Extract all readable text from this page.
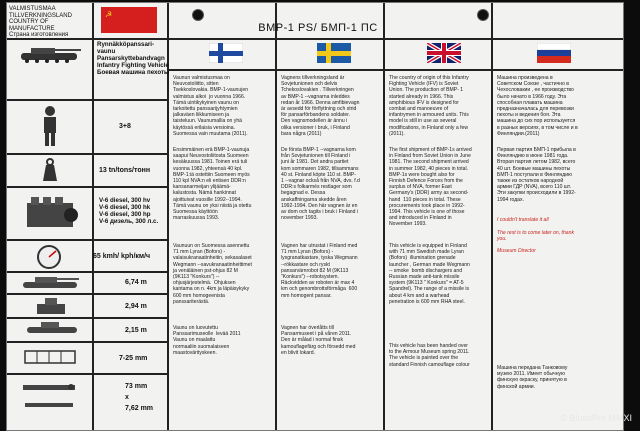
VALMISTUSMAA
TILLVERKNINGSLAND
COUNTRY OF
MANUFACTURE
Страна изготовления
☭
Rynnäkköpanssari-
vaunu
Pansarskyttebandvagn
Infantry Fighting Vehicle
Боевая машина пехоты
3+8
13 tn/tons/тонн
V-6 diesel, 300 hv
V-6 diesel, 300 hk
V-6 diesel, 300 hp
V-6 дизель, 300 л.с.
65 kmh/ kph/км/ч
6,74 m
2,94 m
2,15 m
7-25 mm
73 mm
x
7,62 mm
BMP-1 PS/ БМП-1 ПС
Vaunun valmistusmaa on
Neuvostoliitto, sitten
Tsekkoslovakia. BMP-1-vaunujen
valmistus alkoi  jo vuonna 1966.
Tämä uintikykyinen vaunu on
tarkoitettu panssarijyhtymien
jalkaväen liikkumiseen ja
taisteluun. Vaunumallia on yhä
käytössä erilaisia versioina.
Suomessa vain muutama (2011).
Ensimmäinen erä BMP-1-vaunuja
saapui Neuvostoliitosta Suomeen
kesäkuussa 1981. Toinen erä tuli
vuonna 1982, yhteensä 40 kpl.
BMP-1:iä ostettiin Suomeen myös
110 kpl NVA:n eli entisen DDR:n
kansanarmeijan ylijäämä-
kalustosta. Nämä hankinnat
ajoittuivat vuosille 1992--1994.
Tämä vaunu on yksi niistä ja otettu
Suomessa käyttöön
marraskuussa 1993.
Vaunuun on Suomessa asennettu
71 mm Lyran (Bofors) -
valaisukranaatinheitin, sekasalaset
Wegmann --savukranaatinheittimet
ja venäläinen pst-ohjus 82 M
(9K113 "Konkurs") --
ohjusjärjestelmä.  Ohjuksen
kantama on n. 4km ja läpäisykyky
600 mm homogeenista
panssariterästä.
Vaunu on luovutettu
Panssarimuseolle  levää 2011
Vaunu on maalattu
normaaliin suomalaiseen
maastovärityskeen.
Vagnens tillverkningsland är
Sovjetunionen och delvis
Tchekoslovakien . Tillverkningen
av BMP-1 --vagnarna inleddes
redan år 1966. Denna amfibievagn
är avsedd för förflyttning och strid
för pansarförbandens soldater.
Den vagnsmodellen är ännu i
olika versioner i bruk, i Finland
bara några (2011)
De första BMP-1 --vagnarna kom
från Sovjetunionen till Finland i
juni år 1981. Det andra partiet
kom sommaren 1982, tillsammans
40 st. Finland köpte 110 st. BMP-
1 --vagnar också från NVA, dvs. f.d
DDR:s folkarmés restlager som
begagnad e. Dessa
anskaffningarna skedde åren
1992-1994. Den här vagnen är en
av dom och tagits i bruk i Finland i
november 1993.
Vagnen har utrustat i Finland med
71 mm Lyran (Bofors) -
lysgranatkastare, tyska Wegmann
--rökkastare och ryskt
pansarvärnrobot 82 M (9K113
"Konkurs") --robotsystem.
Räckvidden av roboten är max 4
km och genombrottsförmåga  600
mm homogent pansar.
Vagnen har överlåtts till
Pansarmuseet i på våren 2011.
Den är målad i normal finsk
kamouflagefärg och försedd med
en blivit lokard.
The country of origin of this Infantry
Fighting Vehicle (IFV) is Soviet
Union. The production of BMP- 1
started already in 1966. This
amphibious IFV is designed for
combat and manoeuvre of
infantrymen in armoured units. This
model is still in use as several
modifications, in Finland only a few
(2011).
The first shipment of BMP-1s arrived
in Finland from Soviet Union in June
1981. The second shipment arrived
in summer 1982, 40 pieces in total.
BMP-1s were bought also for
Finnish Defence Forces from the
surplus of NVA, former East
Germany's (DDR) army as second-
hand  110 pieces in total. These
procurements took place in 1992-
1994. This vehicle is one of those
and introduced in Finland in
November 1993.
This vehicle is equipped in Finland
with 71 mm Swedish made Lyran
(Bofors)  illumination grenade
launcher , German made Wegmann
-- smoke  bomb dischargers and
Russian made anti-tank missile
system (9K113 " Konkurs" = AT-5
Spandrel). The range of a missile is
about 4 km and a warhead
penetration is 600 mm RHA steel.
This vehicle has been handed over
to the Armour Museum spring 2011.
The vehicle is painted over the
standard Finnish camouflage colour
Машина произведена в
Советском Союзе , частично в
Чехословакии , ее производство
было начато в 1966 году. Эта
способная плавать машина
предназначалась для перевозки
пехоты и ведения боя. Эта
машина до сих пор используется
в разных версиях, в том числе и в
Финляндии.(2011)
Первая партия БМП-1 прибыла в
Финляндию в июне 1981 года.
Вторая партия летом 1982, всего
40 шт. Боевые машины пехоты
БМП-1 поступали в Финляндию
также из остатков народной
армии ГДР (NVA), всего 110 шт.
Эти закупки происходили в 1992-
1994 годах.
I couldn't translate it all

The rest is to come later on, thank
you.

Museum Director
Машина передана Танковому
музею 2011. Имеет обычную
финскую окраску, принятую в
финской армии.
© BluesPre MMXI
